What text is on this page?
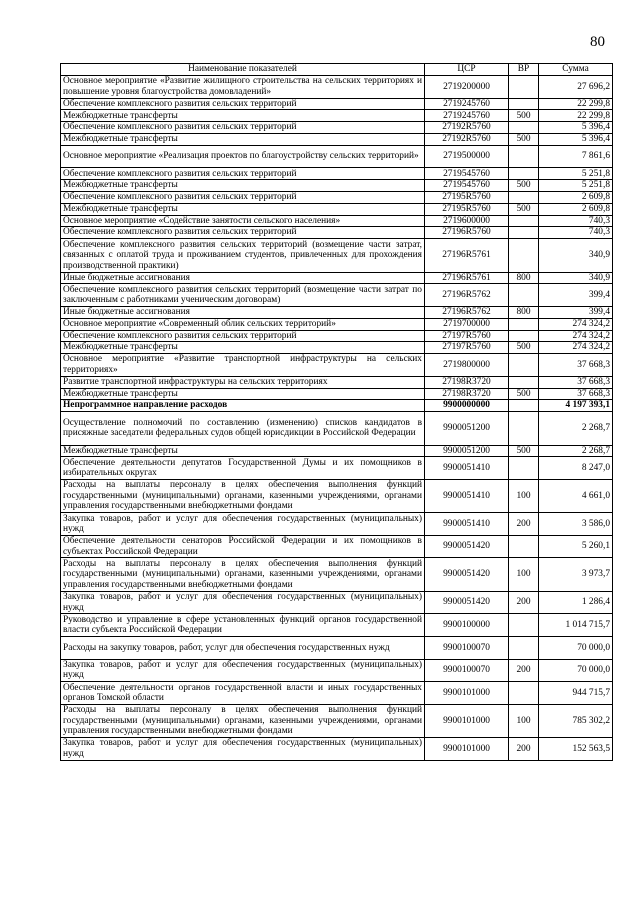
80
Наименование показателей	ЦСР	ВР	Сумма
Основное мероприятие «Развитие жилищного строительства на сельских территориях и повышение уровня благоустройства домовладений»	2719200000		27 696,2
Обеспечение комплексного развития сельских территорий	2719245760		22 299,8
Межбюджетные трансферты	2719245760	500	22 299,8
Обеспечение комплексного развития сельских территорий	27192R5760		5 396,4
Межбюджетные трансферты	27192R5760	500	5 396,4
Основное мероприятие «Реализация проектов по благоустройству сельских территорий»	2719500000		7 861,6
Обеспечение комплексного развития сельских территорий	2719545760		5 251,8
Межбюджетные трансферты	2719545760	500	5 251,8
Обеспечение комплексного развития сельских территорий	27195R5760		2 609,8
Межбюджетные трансферты	27195R5760	500	2 609,8
Основное мероприятие «Содействие занятости сельского населения»	2719600000		740,3
Обеспечение комплексного развития сельских территорий	27196R5760		740,3
Обеспечение комплексного развития сельских территорий (возмещение части затрат, связанных с оплатой труда и проживанием студентов, привлеченных для прохождения производственной практики)	27196R5761		340,9
Иные бюджетные ассигнования	27196R5761	800	340,9
Обеспечение комплексного развития сельских территорий (возмещение части затрат по заключенным с работниками ученическим договорам)	27196R5762		399,4
Иные бюджетные ассигнования	27196R5762	800	399,4
Основное мероприятие «Современный облик сельских территорий»	2719700000		274 324,2
Обеспечение комплексного развития сельских территорий	27197R5760		274 324,2
Межбюджетные трансферты	27197R5760	500	274 324,2
Основное мероприятие «Развитие транспортной инфраструктуры на сельских территориях»	2719800000		37 668,3
Развитие транспортной инфраструктуры на сельских территориях	27198R3720		37 668,3
Межбюджетные трансферты	27198R3720	500	37 668,3
Непрограммное направление расходов	9900000000		4 197 393,1
Осуществление полномочий по составлению (изменению) списков кандидатов в присяжные заседатели федеральных судов общей юрисдикции в Российской Федерации	9900051200		2 268,7
Межбюджетные трансферты	9900051200	500	2 268,7
Обеспечение деятельности депутатов Государственной Думы и их помощников в избирательных округах	9900051410		8 247,0
Расходы на выплаты персоналу в целях обеспечения выполнения функций государственными (муниципальными) органами, казенными учреждениями, органами управления государственными внебюджетными фондами	9900051410	100	4 661,0
Закупка товаров, работ и услуг для обеспечения государственных (муниципальных) нужд	9900051410	200	3 586,0
Обеспечение деятельности сенаторов Российской Федерации и их помощников в субъектах Российской Федерации	9900051420		5 260,1
Расходы на выплаты персоналу в целях обеспечения выполнения функций государственными (муниципальными) органами, казенными учреждениями, органами управления государственными внебюджетными фондами	9900051420	100	3 973,7
Закупка товаров, работ и услуг для обеспечения государственных (муниципальных) нужд	9900051420	200	1 286,4
Руководство и управление в сфере установленных функций органов государственной власти субъекта Российской Федерации	9900100000		1 014 715,7
Расходы на закупку товаров, работ, услуг для обеспечения государственных нужд	9900100070		70 000,0
Закупка товаров, работ и услуг для обеспечения государственных (муниципальных) нужд	9900100070	200	70 000,0
Обеспечение деятельности органов государственной власти и иных государственных органов Томской области	9900101000		944 715,7
Расходы на выплаты персоналу в целях обеспечения выполнения функций государственными (муниципальными) органами, казенными учреждениями, органами управления государственными внебюджетными фондами	9900101000	100	785 302,2
Закупка товаров, работ и услуг для обеспечения государственных (муниципальных) нужд	9900101000	200	152 563,5
